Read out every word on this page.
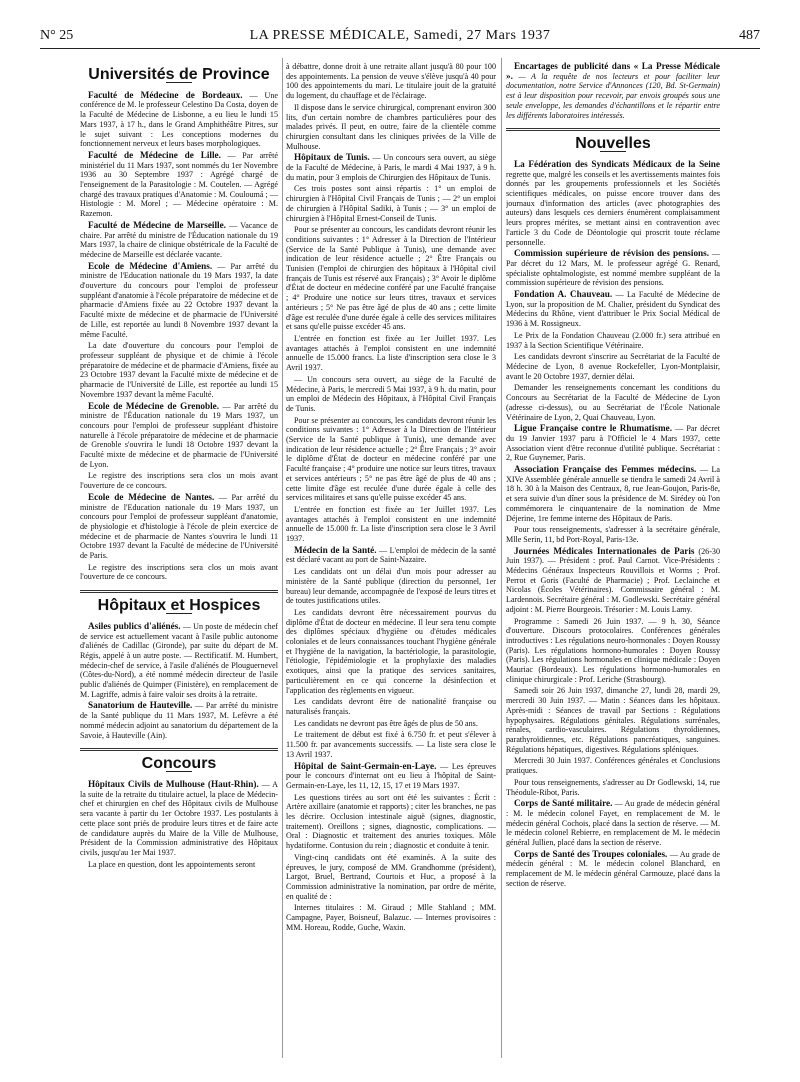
N° 25	LA PRESSE MÉDICALE, Samedi, 27 Mars 1937	487
Universités de Province

Faculté de Médecine de Bordeaux. — Une conférence de M. le professeur Celestino Da Costa, doyen de la Faculté de Médecine de Lisbonne, a eu lieu le lundi 15 Mars 1937, à 17 h., dans le Grand Amphithéâtre Pitres, sur le sujet suivant : Les conceptions modernes du fonctionnement nerveux et leurs bases morphologiques.

Faculté de Médecine de Lille. — Par arrêté ministériel du 11 Mars 1937, sont nommés du 1er Novembre 1936 au 30 Septembre 1937 : Agrégé chargé de l'enseignement de la Parasitologie : M. Coutelen. — Agrégé chargé des travaux pratiques d'Anatomie : M. Couloumá ; — Histologie : M. Morel ; — Médecine opératoire : M. Razemon.

Faculté de Médecine de Marseille. — Vacance de chaire. Par arrêté du ministre de l'Éducation nationale du 19 Mars 1937, la chaire de clinique obstétricale de la Faculté de médecine de Marseille est déclarée vacante.

Ecole de Médecine d'Amiens. — Par arrêté du ministre de l'Education nationale du 19 Mars 1937, la date d'ouverture du concours pour l'emploi de professeur suppléant d'anatomie à l'école préparatoire de médecine et de pharmacie d'Amiens fixée au 22 Octobre 1937 devant la Faculté mixte de médecine et de pharmacie de l'Université de Lille, est reportée au lundi 8 Novembre 1937 devant la même Faculté.

La date d'ouverture du concours pour l'emploi de professeur suppléant de physique et de chimie à l'école préparatoire de médecine et de pharmacie d'Amiens, fixée au 23 Octobre 1937 devant la Faculté mixte de médecine et de pharmacie de l'Université de Lille, est reportée au lundi 15 Novembre 1937 devant la même Faculté.

Ecole de Médecine de Grenoble. — Par arrêté du ministre de l'Éducation nationale du 19 Mars 1937, un concours pour l'emploi de professeur suppléant d'histoire naturelle à l'école préparatoire de médecine et de pharmacie de Grenoble s'ouvrira le lundi 18 Octobre 1937 devant la Faculté mixte de médecine et de pharmacie de l'Université de Lyon.

Le registre des inscriptions sera clos un mois avant l'ouverture de ce concours.

Ecole de Médecine de Nantes. — Par arrêté du ministre de l'Education nationale du 19 Mars 1937, un concours pour l'emploi de professeur suppléant d'anatomie, de physiologie et d'histologie à l'école de plein exercice de médecine et de pharmacie de Nantes s'ouvrira le lundi 11 Octobre 1937 devant la Faculté de médecine de l'Université de Paris.

Le registre des inscriptions sera clos un mois avant l'ouverture de ce concours.

Hôpitaux et Hospices

Asiles publics d'aliénés. — Un poste de médecin chef de service est actuellement vacant à l'asile public autonome d'aliénés de Cadillac (Gironde), par suite du départ de M. Régis, appelé à un autre poste. — Rectificatif. M. Humbert, médecin-chef de service, à l'asile d'aliénés de Plouguernevel (Côtes-du-Nord), a été nommé médecin directeur de l'asile public d'aliénés de Quimper (Finistère), en remplacement de M. Lagriffe, admis à faire valoir ses droits à la retraite.

Sanatorium de Hauteville. — Par arrêté du ministre de la Santé publique du 11 Mars 1937, M. Lefèvre a été nommé médecin adjoint au sanatorium du département de la Savoie, à Hauteville (Ain).

Concours

Hôpitaux Civils de Mulhouse (Haut-Rhin). — A la suite de la retraite du titulaire actuel, la place de Médecin-chef et chirurgien en chef des Hôpitaux civils de Mulhouse sera vacante à partir du 1er Octobre 1937. Les postulants à cette place sont priés de produire leurs titres et de faire acte de candidature auprès du Maire de la Ville de Mulhouse, Président de la Commission administrative des Hôpitaux civils, jusqu'au 1er Mai 1937.

La place en question, dont les appointements seront

à débattre, donne droit à une retraite allant jusqu'à 80 pour 100 des appointements. La pension de veuve s'élève jusqu'à 40 pour 100 des appointements du mari. Le titulaire jouit de la gratuité du logement, du chauffage et de l'éclairage.

Il dispose dans le service chirurgical, comprenant environ 300 lits, d'un certain nombre de chambres particulières pour des malades privés. Il peut, en outre, faire de la clientèle comme chirurgien consultant dans les cliniques privées de la Ville de Mulhouse.

Hôpitaux de Tunis. — Un concours sera ouvert, au siège de la Faculté de Médecine, à Paris, le mardi 4 Mai 1937, à 9 h. du matin, pour 3 emplois de Chirurgien des Hôpitaux de Tunis.

Ces trois postes sont ainsi répartis : 1° un emploi de chirurgien à l'Hôpital Civil Français de Tunis ; — 2° un emploi de chirurgien à l'Hôpital Sadiki, à Tunis ; — 3° un emploi de chirurgien à l'Hôpital Ernest-Conseil de Tunis.

Pour se présenter au concours, les candidats devront réunir les conditions suivantes : 1° Adresser à la Direction de l'Intérieur (Service de la Santé Publique à Tunis), une demande avec indication de leur résidence actuelle ; 2° Être Français ou Tunisien (l'emploi de chirurgien des hôpitaux à l'Hôpital civil français de Tunis est réservé aux Français) ; 3° Avoir le diplôme d'État de docteur en médecine conféré par une Faculté française ; 4° Produire une notice sur leurs titres, travaux et services antérieurs ; 5° Ne pas être âgé de plus de 40 ans ; cette limite d'âge est reculée d'une durée égale à celle des services militaires et sans qu'elle puisse excéder 45 ans.

L'entrée en fonction est fixée au 1er Juillet 1937. Les avantages attachés à l'emploi consistent en une indemnité annuelle de 15.000 francs. La liste d'inscription sera close le 3 Avril 1937.

— Un concours sera ouvert, au siège de la Faculté de Médecine, à Paris, le mercredi 5 Mai 1937, à 9 h. du matin, pour un emploi de Médecin des Hôpitaux, à l'Hôpital Civil Français de Tunis.

Pour se présenter au concours, les candidats devront réunir les conditions suivantes : 1° Adresser à la Direction de l'Intérieur (Service de la Santé publique à Tunis), une demande avec indication de leur résidence actuelle ; 2° Être Français ; 3° avoir le diplôme d'État de docteur en médecine conféré par une Faculté française ; 4° produire une notice sur leurs titres, travaux et services antérieurs ; 5° ne pas être âgé de plus de 40 ans ; cette limite d'âge est reculée d'une durée égale à celle des services militaires et sans qu'elle puisse excéder 45 ans.

L'entrée en fonction est fixée au 1er Juillet 1937. Les avantages attachés à l'emploi consistent en une indemnité annuelle de 15.000 fr. La liste d'inscription sera close le 3 Avril 1937.

Médecin de la Santé. — L'emploi de médecin de la santé est déclaré vacant au port de Saint-Nazaire.

Les candidats ont un délai d'un mois pour adresser au ministère de la Santé publique (direction du personnel, 1er bureau) leur demande, accompagnée de l'exposé de leurs titres et de toutes justifications utiles.

Les candidats devront être nécessairement pourvus du diplôme d'État de docteur en médecine. Il leur sera tenu compte des diplômes spéciaux d'hygiène ou d'études médicales coloniales et de leurs connaissances touchant l'hygiène générale et l'hygiène de la navigation, la bactériologie, la parasitologie, l'étiologie, l'épidémiologie et la prophylaxie des maladies exotiques, ainsi que la pratique des services sanitaires, particulièrement en ce qui concerne la désinfection et l'application des règlements en vigueur.

Les candidats devront être de nationalité française ou naturalisés français.

Les candidats ne devront pas être âgés de plus de 50 ans.

Le traitement de début est fixé à 6.750 fr. et peut s'élever à 11.500 fr. par avancements successifs. — La liste sera close le 13 Avril 1937.

Hôpital de Saint-Germain-en-Laye. — Les épreuves pour le concours d'internat ont eu lieu à l'hôpital de Saint-Germain-en-Laye, les 11, 12, 15, 17 et 19 Mars 1937.

Les questions tirées au sort ont été les suivantes : Écrit : Artère axillaire (anatomie et rapports) ; citer les branches, ne pas les décrire. Occlusion intestinale aiguë (signes, diagnostic, traitement). Oreillons ; signes, diagnostic, complications. — Oral : Diagnostic et traitement des anuries toxiques. Môle hydatiforme. Contusion du rein ; diagnostic et conduite à tenir.

Vingt-cinq candidats ont été examinés. A la suite des épreuves, le jury, composé de MM. Grandhomme (président), Largot, Bruel, Bertrand, Courtois et Huc, a proposé à la Commission administrative la nomination, par ordre de mérite, en qualité de :

Internes titulaires : M. Giraud ; Mlle Stahland ; MM. Campagne, Payer, Boisneuf, Balazuc. — Internes provisoires : MM. Horeau, Rodde, Guche, Waxin.

Encartages de publicité dans « La Presse Médicale ». — A la requête de nos lecteurs et pour faciliter leur documentation, notre Service d'Annonces (120, Bd. St-Germain) est à leur disposition pour recevoir, par envois groupés sous une seule enveloppe, les demandes d'échantillons et le répartir entre les différents laboratoires intéressés.

Nouvelles

La Fédération des Syndicats Médicaux de la Seine regrette que, malgré les conseils et les avertissements maintes fois donnés par les groupements professionnels et les Sociétés scientifiques médicales, on puisse encore trouver dans des journaux d'information des articles (avec photographies des auteurs) dans lesquels ces derniers énumèrent complaisamment leurs propres mérites, se mettant ainsi en contravention avec l'article 3 du Code de Déontologie qui proscrit toute réclame personnelle.

Commission supérieure de révision des pensions. — Par décret du 12 Mars, M. le professeur agrégé G. Renard, spécialiste ophtalmologiste, est nommé membre suppléant de la commission supérieure de révision des pensions.

Fondation A. Chauveau. — La Faculté de Médecine de Lyon, sur la proposition de M. Chalier, président du Syndicat des Médecins du Rhône, vient d'attribuer le Prix Social Médical de 1936 à M. Rossigneux.

Le Prix de la Fondation Chauveau (2.000 fr.) sera attribué en 1937 à la Section Scientifique Vétérinaire.

Les candidats devront s'inscrire au Secrétariat de la Faculté de Médecine de Lyon, 8 avenue Rockefeller, Lyon-Montplaisir, avant le 20 Octobre 1937, dernier délai.

Demander les renseignements concernant les conditions du Concours au Secrétariat de la Faculté de Médecine de Lyon (adresse ci-dessus), ou au Secrétariat de l'École Nationale Vétérinaire de Lyon, 2, Quai Chauveau, Lyon.

Ligue Française contre le Rhumatisme. — Par décret du 19 Janvier 1937 paru à l'Officiel le 4 Mars 1937, cette Association vient d'être reconnue d'utilité publique. Secrétariat : 2, Rue Guynemer, Paris.

Association Française des Femmes médecins. — La XIVe Assemblée générale annuelle se tiendra le samedi 24 Avril à 18 h. 30 à la Maison des Centraux, 8, rue Jean-Goujon, Paris-8e, et sera suivie d'un dîner sous la présidence de M. Sirédey où l'on commémorera le cinquantenaire de la nomination de Mme Déjerine, 1re femme interne des Hôpitaux de Paris.

Pour tous renseignements, s'adresser à la secrétaire générale, Mlle Serin, 11, bd Port-Royal, Paris-13e.

Journées Médicales Internationales de Paris (26-30 Juin 1937). — Président : prof. Paul Carnot. Vice-Présidents : Médecins Généraux Inspecteurs Rouvillois et Worms ; Prof. Perrot et Goris (Faculté de Pharmacie) ; Prof. Leclainche et Nicolas (Écoles Vétérinaires). Commissaire général : M. Lardennois. Secrétaire général : M. Godlewski. Secrétaire général adjoint : M. Pierre Bourgeois. Trésorier : M. Louis Lamy.

Programme : Samedi 26 Juin 1937. — 9 h. 30, Séance d'ouverture. Discours protocolaires. Conférences générales introductives : Les régulations neuro-hormonales : Doyen Roussy (Paris). Les régulations hormono-humorales : Doyen Roussy (Paris). Les régulations hormonales en clinique médicale : Doyen Mauriac (Bordeaux). Les régulations hormono-humorales en clinique chirurgicale : Prof. Leriche (Strasbourg).

Samedi soir 26 Juin 1937, dimanche 27, lundi 28, mardi 29, mercredi 30 Juin 1937. — Matin : Séances dans les hôpitaux. Après-midi : Séances de travail par Sections : Régulations hypophysaires. Régulations génitales. Régulations surrénales, rénales, cardio-vasculaires. Régulations thyroïdiennes, parathyroïdiennes, etc. Régulations pancréatiques, sanguines. Régulations hépatiques, digestives. Régulations spléniques.

Mercredi 30 Juin 1937. Conférences générales et Conclusions pratiques.

Pour tous renseignements, s'adresser au Dr Godlewski, 14, rue Théodule-Ribot, Paris.

Corps de Santé militaire. — Au grade de médecin général : M. le médecin colonel Fayet, en remplacement de M. le médecin général Cochois, placé dans la section de réserve. — M. le médecin colonel Rebierre, en remplacement de M. le médecin général Jullien, placé dans la section de réserve.

Corps de Santé des Troupes coloniales. — Au grade de médecin général : M. le médecin colonel Blanchard, en remplacement de M. le médecin général Carmouze, placé dans la section de réserve.
